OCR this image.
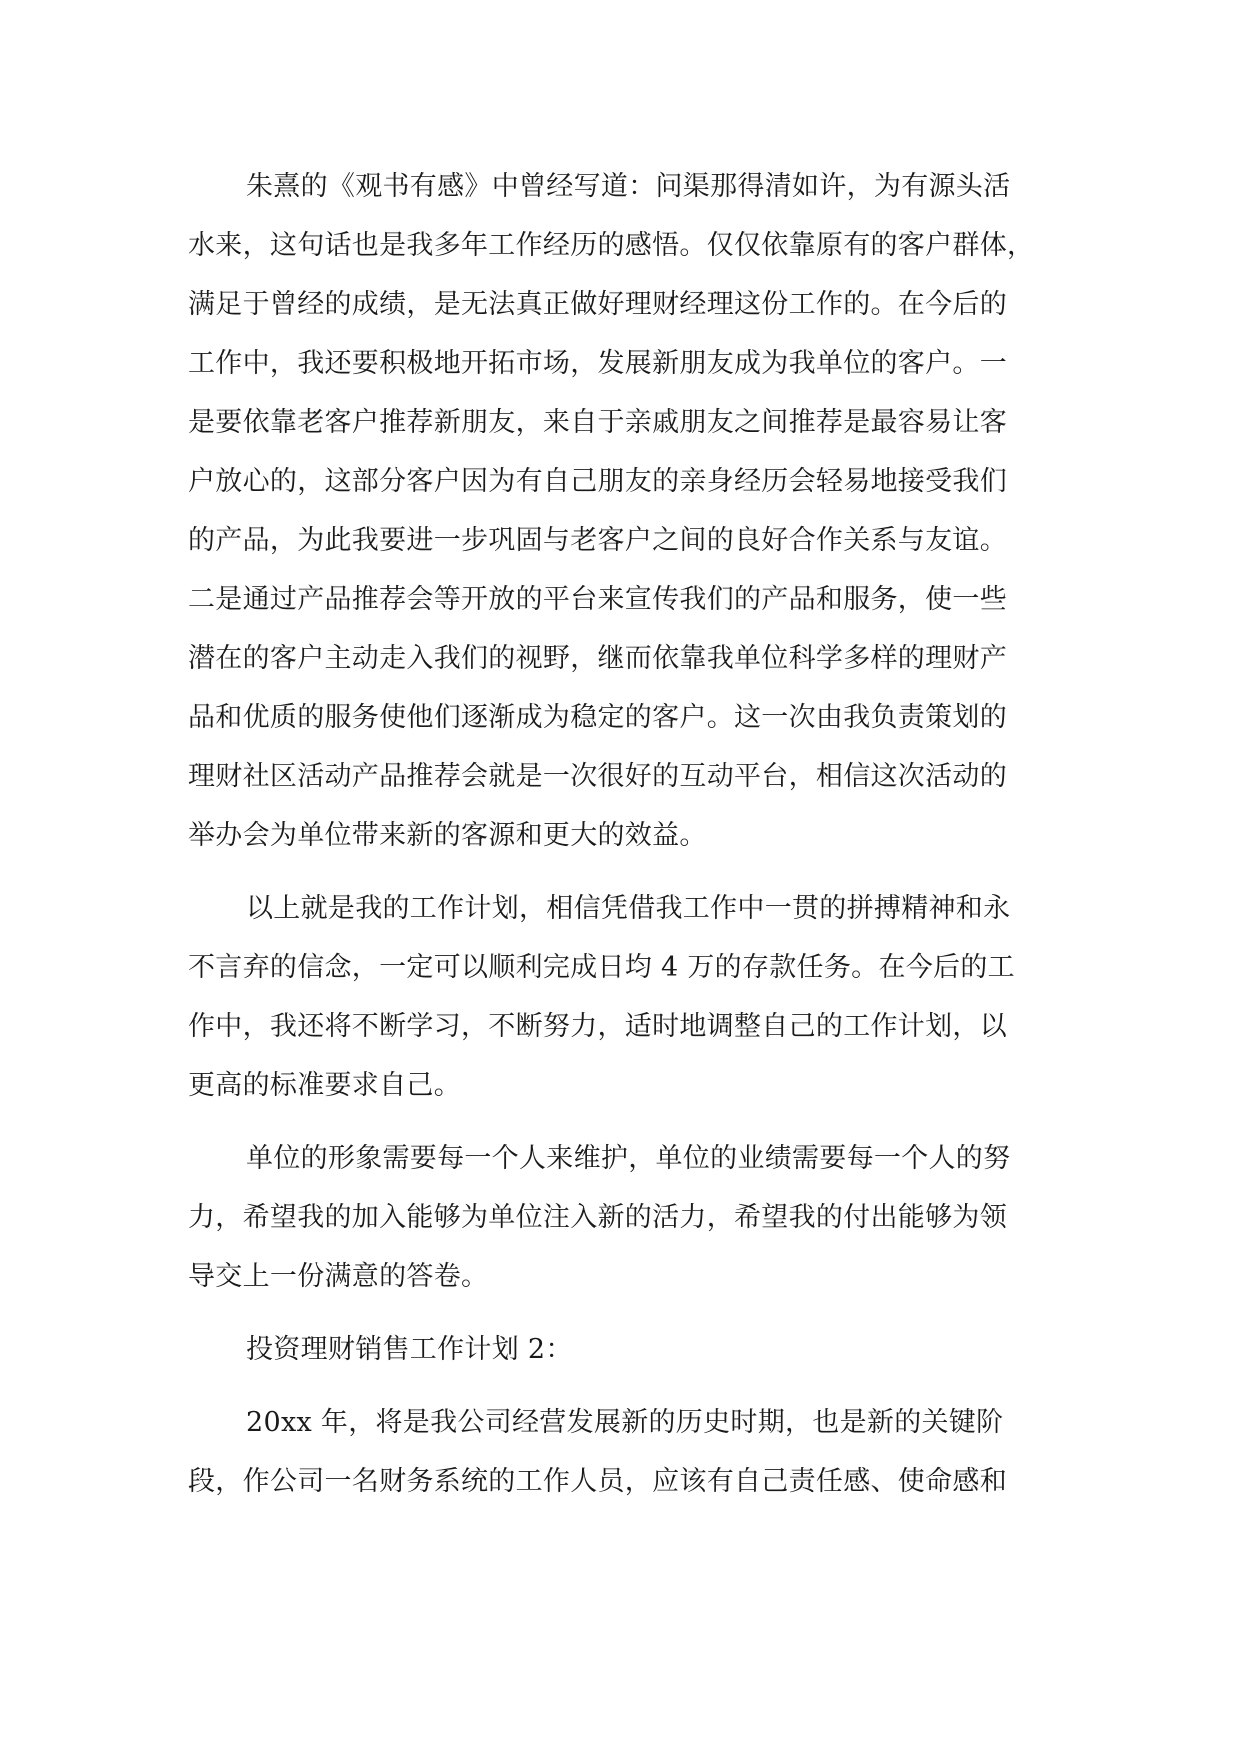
朱熹的《观书有感》中曾经写道：问渠那得清如许，为有源头活
水来，这句话也是我多年工作经历的感悟。仅仅依靠原有的客户群体，
满足于曾经的成绩，是无法真正做好理财经理这份工作的。在今后的
工作中，我还要积极地开拓市场，发展新朋友成为我单位的客户。一
是要依靠老客户推荐新朋友，来自于亲戚朋友之间推荐是最容易让客
户放心的，这部分客户因为有自己朋友的亲身经历会轻易地接受我们
的产品，为此我要进一步巩固与老客户之间的良好合作关系与友谊。
二是通过产品推荐会等开放的平台来宣传我们的产品和服务，使一些
潜在的客户主动走入我们的视野，继而依靠我单位科学多样的理财产
品和优质的服务使他们逐渐成为稳定的客户。这一次由我负责策划的
理财社区活动产品推荐会就是一次很好的互动平台，相信这次活动的
举办会为单位带来新的客源和更大的效益。
以上就是我的工作计划，相信凭借我工作中一贯的拼搏精神和永
不言弃的信念，一定可以顺利完成日均 4 万的存款任务。在今后的工
作中，我还将不断学习，不断努力，适时地调整自己的工作计划，以
更高的标准要求自己。
单位的形象需要每一个人来维护，单位的业绩需要每一个人的努
力，希望我的加入能够为单位注入新的活力，希望我的付出能够为领
导交上一份满意的答卷。
投资理财销售工作计划 2：
20xx 年，将是我公司经营发展新的历史时期，也是新的关键阶
段，作公司一名财务系统的工作人员，应该有自己责任感、使命感和
